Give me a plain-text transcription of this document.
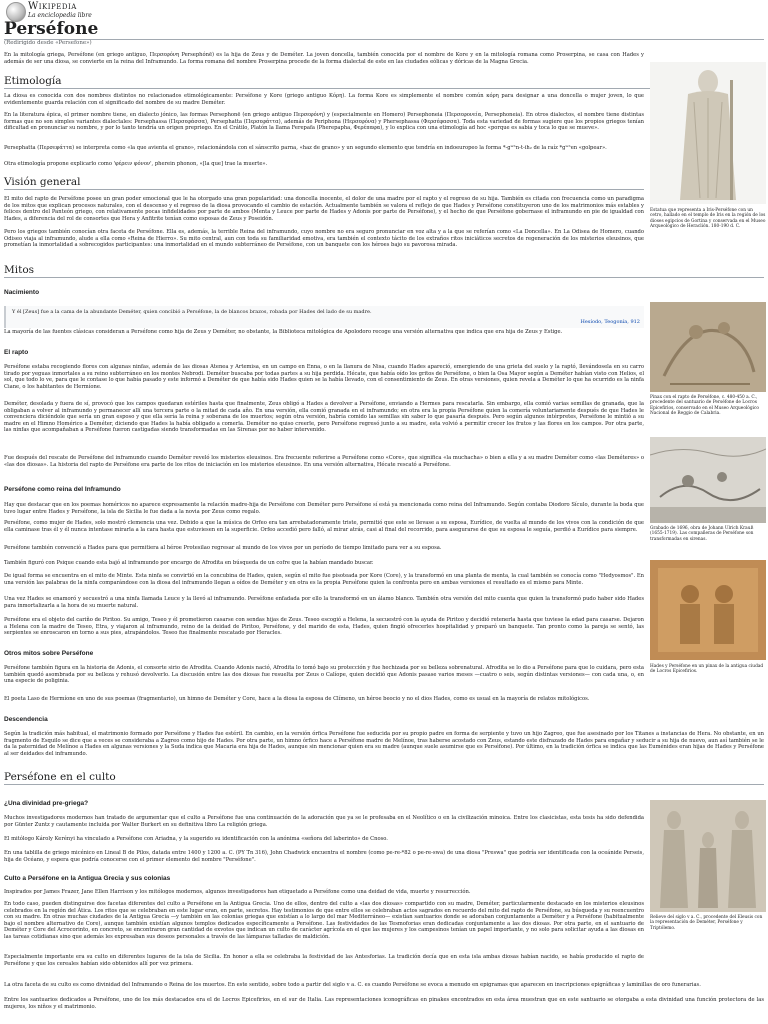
Wikipedia
La enciclopedia libre
Perséfone
(Redirigido desde «Persefone»)
En la mitología griega, Perséfone (en griego antiguo, Περσεφόνη Persephónē) es la hija de Zeus y de Deméter. La joven doncella, también conocida por el nombre de Kore y en la mitología romana como Proserpina, se casa con Hades y además de ser una diosa, se convierte en la reina del Inframundo. La forma romana del nombre Proserpina procede de la forma dialectal de este en las ciudades eólicas y dóricas de la Magna Grecia.
Etimología
La diosa es conocida con dos nombres distintos no relacionados etimológicamente: Perséfone y Kore (griego antiguo Κόρη). La forma Kore es simplemente el nombre común κόρη para designar a una doncella o mujer joven, lo que evidentemente guarda relación con el significado del nombre de su madre Deméter.
En la literatura épica, el primer nombre tiene, en dialecto jónico, las formas Persephonē (en griego antiguo Περσεφόνη) y (especialmente en Homero) Persephoneia (Περσεφονεία, Persephoneia). En otros dialectos, el nombre tiene distintas formas que no son simples variantes dialectales: Persephassa (Περσεφάσσα), Persephatta (Περσεφάττα), además de Periphona (Ηερσεφόνα) y Phersephassa (Φερσέφασσα). Toda esta variedad de formas sugiere que los propios griegos tenían dificultad en pronunciar su nombre, y por lo tanto tendría un origen prepriego. En el Crátilo, Platón la llama Ferepafa (Pherepapha, Φερέπαφα), y lo explica con una etimología ad hoc «porque es sabia y toca lo que se mueve».
Persephatta (Περσεφάττα) se interpreta como «la que avienta el grano», relacionándola con el sánscrito parna, «haz de grano» y un segundo elemento que tendría en indoeuropeo la forma *-gʷʰn-t-ih₂ de la raíz *gʷʰen «golpear».
Otra etimología propone explicarlo como 'φέρειν φόνον', pherein phonon, «[la que] trae la muerte».
Visión general
El mito del rapto de Perséfone posee un gran poder emocional que le ha otorgado una gran popularidad: una doncella inocente, el dolor de una madre por el rapto y el regreso de su hija. También es citada con frecuencia como un paradigma de los mitos que explican procesos naturales, con el descenso y el regreso de la diosa provocando el cambio de estación. Actualmente también se valora el reflejo de que Hades y Perséfone constituyeron uno de los matrimonios más estables y felices dentro del Panteón griego, con relativamente pocas infidelidades por parte de ambos (Menta y Leuce por parte de Hades y Adonis por parte de Perséfone), y el hecho de que Perséfone gobernase el inframundo en pie de igualdad con Hades, a diferencia del rol de consortes que Hera y Anfitrite tenían como esposas de Zeus y Poseidón.
Pero los griegos también conocían otra faceta de Perséfone. Ella es, además, la terrible Reina del inframundo, cuyo nombre no era seguro pronunciar en voz alta y a la que se referían como «La Doncella». En La Odisea de Homero, cuando Odiseo viaja al inframundo, alude a ella como «Reina de Hierro». Su mito central, aun con toda su familiaridad emotiva, era también el contexto tácito de los extraños ritos iniciáticos secretos de regeneración de los misterios eleusinos, que prometían la inmortalidad a sobrecogidos participantes: una inmortalidad en el mundo subterráneo de Perséfone, con un banquete con los héroes bajo su pavorosa mirada.
Mitos
Nacimiento
Y él [Zeus] fue a la cama de la abundante Deméter, quien concibió a Perséfone, la de blancos brazos, robada por Hades del lado de su madre.
Hesíodo, Teogonía, 912
La mayoría de las fuentes clásicas consideran a Perséfone como hija de Zeus y Deméter, no obstante, la Biblioteca mitológica de Apolodoro recoge una versión alternativa que indica que era hija de Zeus y Estige.
El rapto
Perséfone estaba recogiendo flores con algunas ninfas, además de las diosas Atenea y Artemisa, en un campo en Enna, o en la llanura de Nisa, cuando Hades apareció, emergiendo de una grieta del suelo y la raptó, llevándosela en su carro tirado por yeguas inmortales a su reino subterráneo en los montes Nebrodi. Deméter buscaba por todas partes a su hija perdida. Hécate, que había oído los gritos de Perséfone, o bien la Osa Mayor según a Deméter habían visto con Helios, el sol, que todo lo ve, para que le contase lo que había pasado y este informó a Deméter de que había sido Hades quien se la había llevado, con el consentimiento de Zeus. En otras versiones, quien revela a Deméter lo que ha ocurrido es la ninfa Ciane, o los habitantes de Hermíone.
Deméter, desolada y fuera de sí, provocó que los campos quedaran estériles hasta que finalmente, Zeus obligó a Hades a devolver a Perséfone, enviando a Hermes para rescatarla. Sin embargo, ella comió varias semillas de granada, que la obligaban a volver al inframundo y permanecer allí una tercera parte o la mitad de cada año. En una versión, ella comió granada en el inframundo; en otra era la propia Perséfone quien la comería voluntariamente después de que Hades le convenciera diciéndole que sería un gran esposo y que ella sería la reina y soberana de los muertos; según otra versión, habría comido las semillas sin saber lo que pasaría después. Pero según algunos intérpretes, Perséfone le mintió a su madre en el Himno Homérico a Deméter, diciendo que Hades la había obligado a comerla. Deméter no quiso creerle, pero Perséfone regresó junto a su madre, esta volvió a permitir crecer los frutos y las flores en los campos. Por otra parte, las ninfas que acompañaban a Perséfone fueron castigadas siendo transformadas en las Sirenas por no haber intervenido.
Fue después del rescate de Perséfone del inframundo cuando Deméter reveló los misterios eleusinos. Era frecuente referirse a Perséfone como «Core», que significa «la muchacha» o bien a ella y a su madre Deméter como «las Deméteres» o «las dos diosas». La historia del rapto de Perséfone era parte de los ritos de iniciación en los misterios eleusinos. En una versión alternativa, Hécate rescató a Perséfone.
Perséfone como reina del Inframundo
Hay que destacar que en los poemas homéricos no aparece expresamente la relación madre-hija de Perséfone con Deméter pero Perséfone sí está ya mencionada como reina del Inframundo. Según contaba Diodoro Sículo, durante la boda que tuvo lugar entre Hades y Perséfone, la isla de Sicilia le fue dada a la novia por Zeus como regalo.
Perséfone, como mujer de Hades, solo mostró clemencia una vez. Debido a que la música de Orfeo era tan arrebatadoramente triste, permitió que este se llevase a su esposa, Eurídice, de vuelta al mundo de los vivos con la condición de que ella caminase tras él y él nunca intentase mirarla a la cara hasta que estuviesen en la superficie. Orfeo accedió pero falló, al mirar atrás, casi al final del recorrido, para asegurarse de que su esposa le seguía, perdió a Eurídice para siempre.
Perséfone también convenció a Hades para que permitiera al héroe Protesilao regresar al mundo de los vivos por un período de tiempo limitado para ver a su esposa.
También figuró con Psique cuando esta bajó al inframundo por encargo de Afrodita en búsqueda de un cofre que la habían mandado buscar.
De igual forma se encuentra en el mito de Minte. Esta ninfa se convirtió en la concubina de Hades, quien, según el mito fue pisoteada por Kore (Core), y la transformó en una planta de menta, la cual también se conocía como "Hedyosmos". En una versión las palabras de la ninfa comparándose con la diosa del inframundo llegan a oídos de Deméter y en otra es la propia Perséfone quien la confronta pero en ambas versiones el resultado es el mismo para Minte.
Una vez Hades se enamoró y secuestró a una ninfa llamada Leuce y la llevó al inframundo. Perséfone enfadada por ello la transformó en un álamo blanco. También otra versión del mito cuenta que quien la transformó pudo haber sido Hades para inmortalizarla a la hora de su muerte natural.
Perséfone era el objeto del cariño de Piritoo. Su amigo, Teseo y él prometieron casarse con sendas hijas de Zeus. Teseo escogió a Helena, la secuestró con la ayuda de Piritoo y decidió retenerla hasta que tuviese la edad para casarse. Dejaron a Helena con la madre de Teseo, Etra, y viajaron al inframundo, reino de la deidad de Piritoo, Perséfone, y del marido de esta, Hades, quien fingió ofrecerles hospitalidad y preparó un banquete. Tan pronto como la pareja se sentó, las serpientes se enroscaron en torno a sus pies, atrapándolos. Teseo fue finalmente rescatado por Heracles.
Otros mitos sobre Perséfone
Perséfone también figura en la historia de Adonis, el consorte sirio de Afrodita. Cuando Adonis nació, Afrodita lo tomó bajo su protección y fue hechizada por su belleza sobrenatural. Afrodita se lo dio a Perséfone para que lo cuidara, pero esta también quedó asombrada por su belleza y rehusó devolverlo. La discusión entre las dos diosas fue resuelta por Zeus o Calíope, quien decidió que Adonis pasase varios meses —cuatro o seis, según distintas versiones— con cada una, o, en una especie de poliginia.
El poeta Laso de Hermíone en uno de sus poemas (fragmentario), un himno de Deméter y Core, hace a la diosa la esposa de Clímeno, un héroe beocio y no el dios Hades, como es usual en la mayoría de relatos mitológicos.
Descendencia
Según la tradición más habitual, el matrimonio formado por Perséfone y Hades fue estéril. En cambio, en la versión órfica Perséfone fue seducida por su propio padre en forma de serpiente y tuvo un hijo Zagreo, que fue asesinado por los Titanes a instancias de Hera. No obstante, en un fragmento de Esquilo se dice que a veces se consideraba a Zagreo como hijo de Hades. Por otra parte, un himno órfico hace a Perséfone madre de Melínoe, tras haberse acostado con Zeus, estando este disfrazado de Hades para engañar y seducir a su hija de nuevo, aun así también se le da la paternidad de Melínoe a Hades en algunas versiones y la Suda indica que Macaria era hija de Hades, aunque sin mencionar quien era su madre (aunque suele asumirse que es Perséfone). Por último, en la tradición órfica se indica que las Euménides eran hijas de Hades y Perséfone al ser deidades del inframundo.
Perséfone en el culto
¿Una divinidad pre-griega?
Muchos investigadores modernos han tratado de argumentar que el culto a Perséfone fue una continuación de la adoración que ya se le profesaba en el Neolítico o en la civilización minoica. Entre los clasicistas, esta tesis ha sido defendida por Günter Zuntz y cautamente incluida por Walter Burkert en su definitiva libro La religión griega.
El mitólogo Károly Kerényi ha vinculado a Perséfone con Ariadna, y la sugerido su identificación con la anónima «señora del laberinto» de Cnoso.
En una tablilla de griego micénico en Lineal B de Pilos, datada entre 1400 y 1200 a. C. (PY Tn 316), John Chadwick encuentra el nombre (como pe-re-*82 o pe-re-swa) de una diosa "Preswa" que podría ser identificada con la oceánide Perseis, hija de Océano, y espera que podría conocerse con el primer elemento del nombre "Perséfone".
Culto a Perséfone en la Antigua Grecia y sus colonias
Inspirados por James Frazer, Jane Ellen Harrison y los mitólogos modernos, algunos investigadores han etiquetado a Perséfone como una deidad de vida, muerte y resurrección.
En todo caso, pueden distinguirse dos facetas diferentes del culto a Perséfone en la Antigua Grecia. Uno de ellos, dentro del culto a «las dos diosas» compartido con su madre, Deméter, particularmente destacado en los misterios eleusinos celebrados en la región del Ática. Los ritos que se celebraban en este lugar eran, en parte, secretos. Hay testimonios de que entre ellos se celebraban actos sagrados en recuerdo del mito del rapto de Perséfone, su búsqueda y su reencuentro con su madre. En otras muchas ciudades de la Antigua Grecia —y también en las colonias griegas que existían a lo largo del mar Mediterráneo— existían santuarios donde se adoraban conjuntamente a Deméter y a Perséfone (habitualmente bajo el nombre alternativo de Core), aunque también existían algunos templos dedicados específicamente a Perséfone. Las festividades de las Tesmoforias eran dedicadas conjuntamente a las dos diosas. Por otra parte, en el santuario de Deméter y Core del Acrocorinto, en concreto, se encontraron gran cantidad de exvotos que indican un culto de carácter agrícola en el que las mujeres y los campesinos tenían un papel importante, y no solo para solicitar ayuda a las diosas en las tareas cotidianas sino que además les expresaban sus deseos personales a través de las lámparas talladas de maldición.
Especialmente importante era su culto en diferentes lugares de la isla de Sicilia. En honor a ella se celebraba la festividad de las Antesforias. La tradición decía que en esta isla ambas diosas habían nacido, se había producido el rapto de Perséfone y que los cereales habían sido obtenidos allí por vez primera.
La otra faceta de su culto es como divinidad del Inframundo o Reina de los muertos. En este sentido, sobre todo a partir del siglo v a. C. es cuando Perséfone se evoca a menudo en epigramas que aparecen en inscripciones epigráficas y laminillas de oro funerarias.
Entre los santuarios dedicados a Perséfone, uno de los más destacados era el de Locros Epicefirios, en el sur de Italia. Las representaciones iconográficas en pinakes encontrados en esta área muestran que en este santuario se otorgaba a esta divinidad una función protectora de las mujeres, los niños y el matrimonio.
Estatua que representa a Iris-Perséfone con un cetro, hallado en el templo de Iris en la región de los dioses egipcios de Gortina y conservada en el Museo Arqueológico de Heraclión. 180-190 d. C.
Pinax con el rapto de Perséfone, c. 480-450 a. C., procedente del santuario de Perséfone de Locros Epicefirios, conservado en el Museo Arqueológico Nacional de Reggio de Calabria.
Grabado de 1696, obra de Johann Ulrich Krauß (1655-1719). Las compañeras de Perséfone son transformadas en sirenas.
Hades y Perséfone en un pinax de la antigua ciudad de Locros Epicefirios.
Relieve del siglo v a. C., procedente del Eleusis con la representación de Deméter, Perséfone y Triptólemo.
